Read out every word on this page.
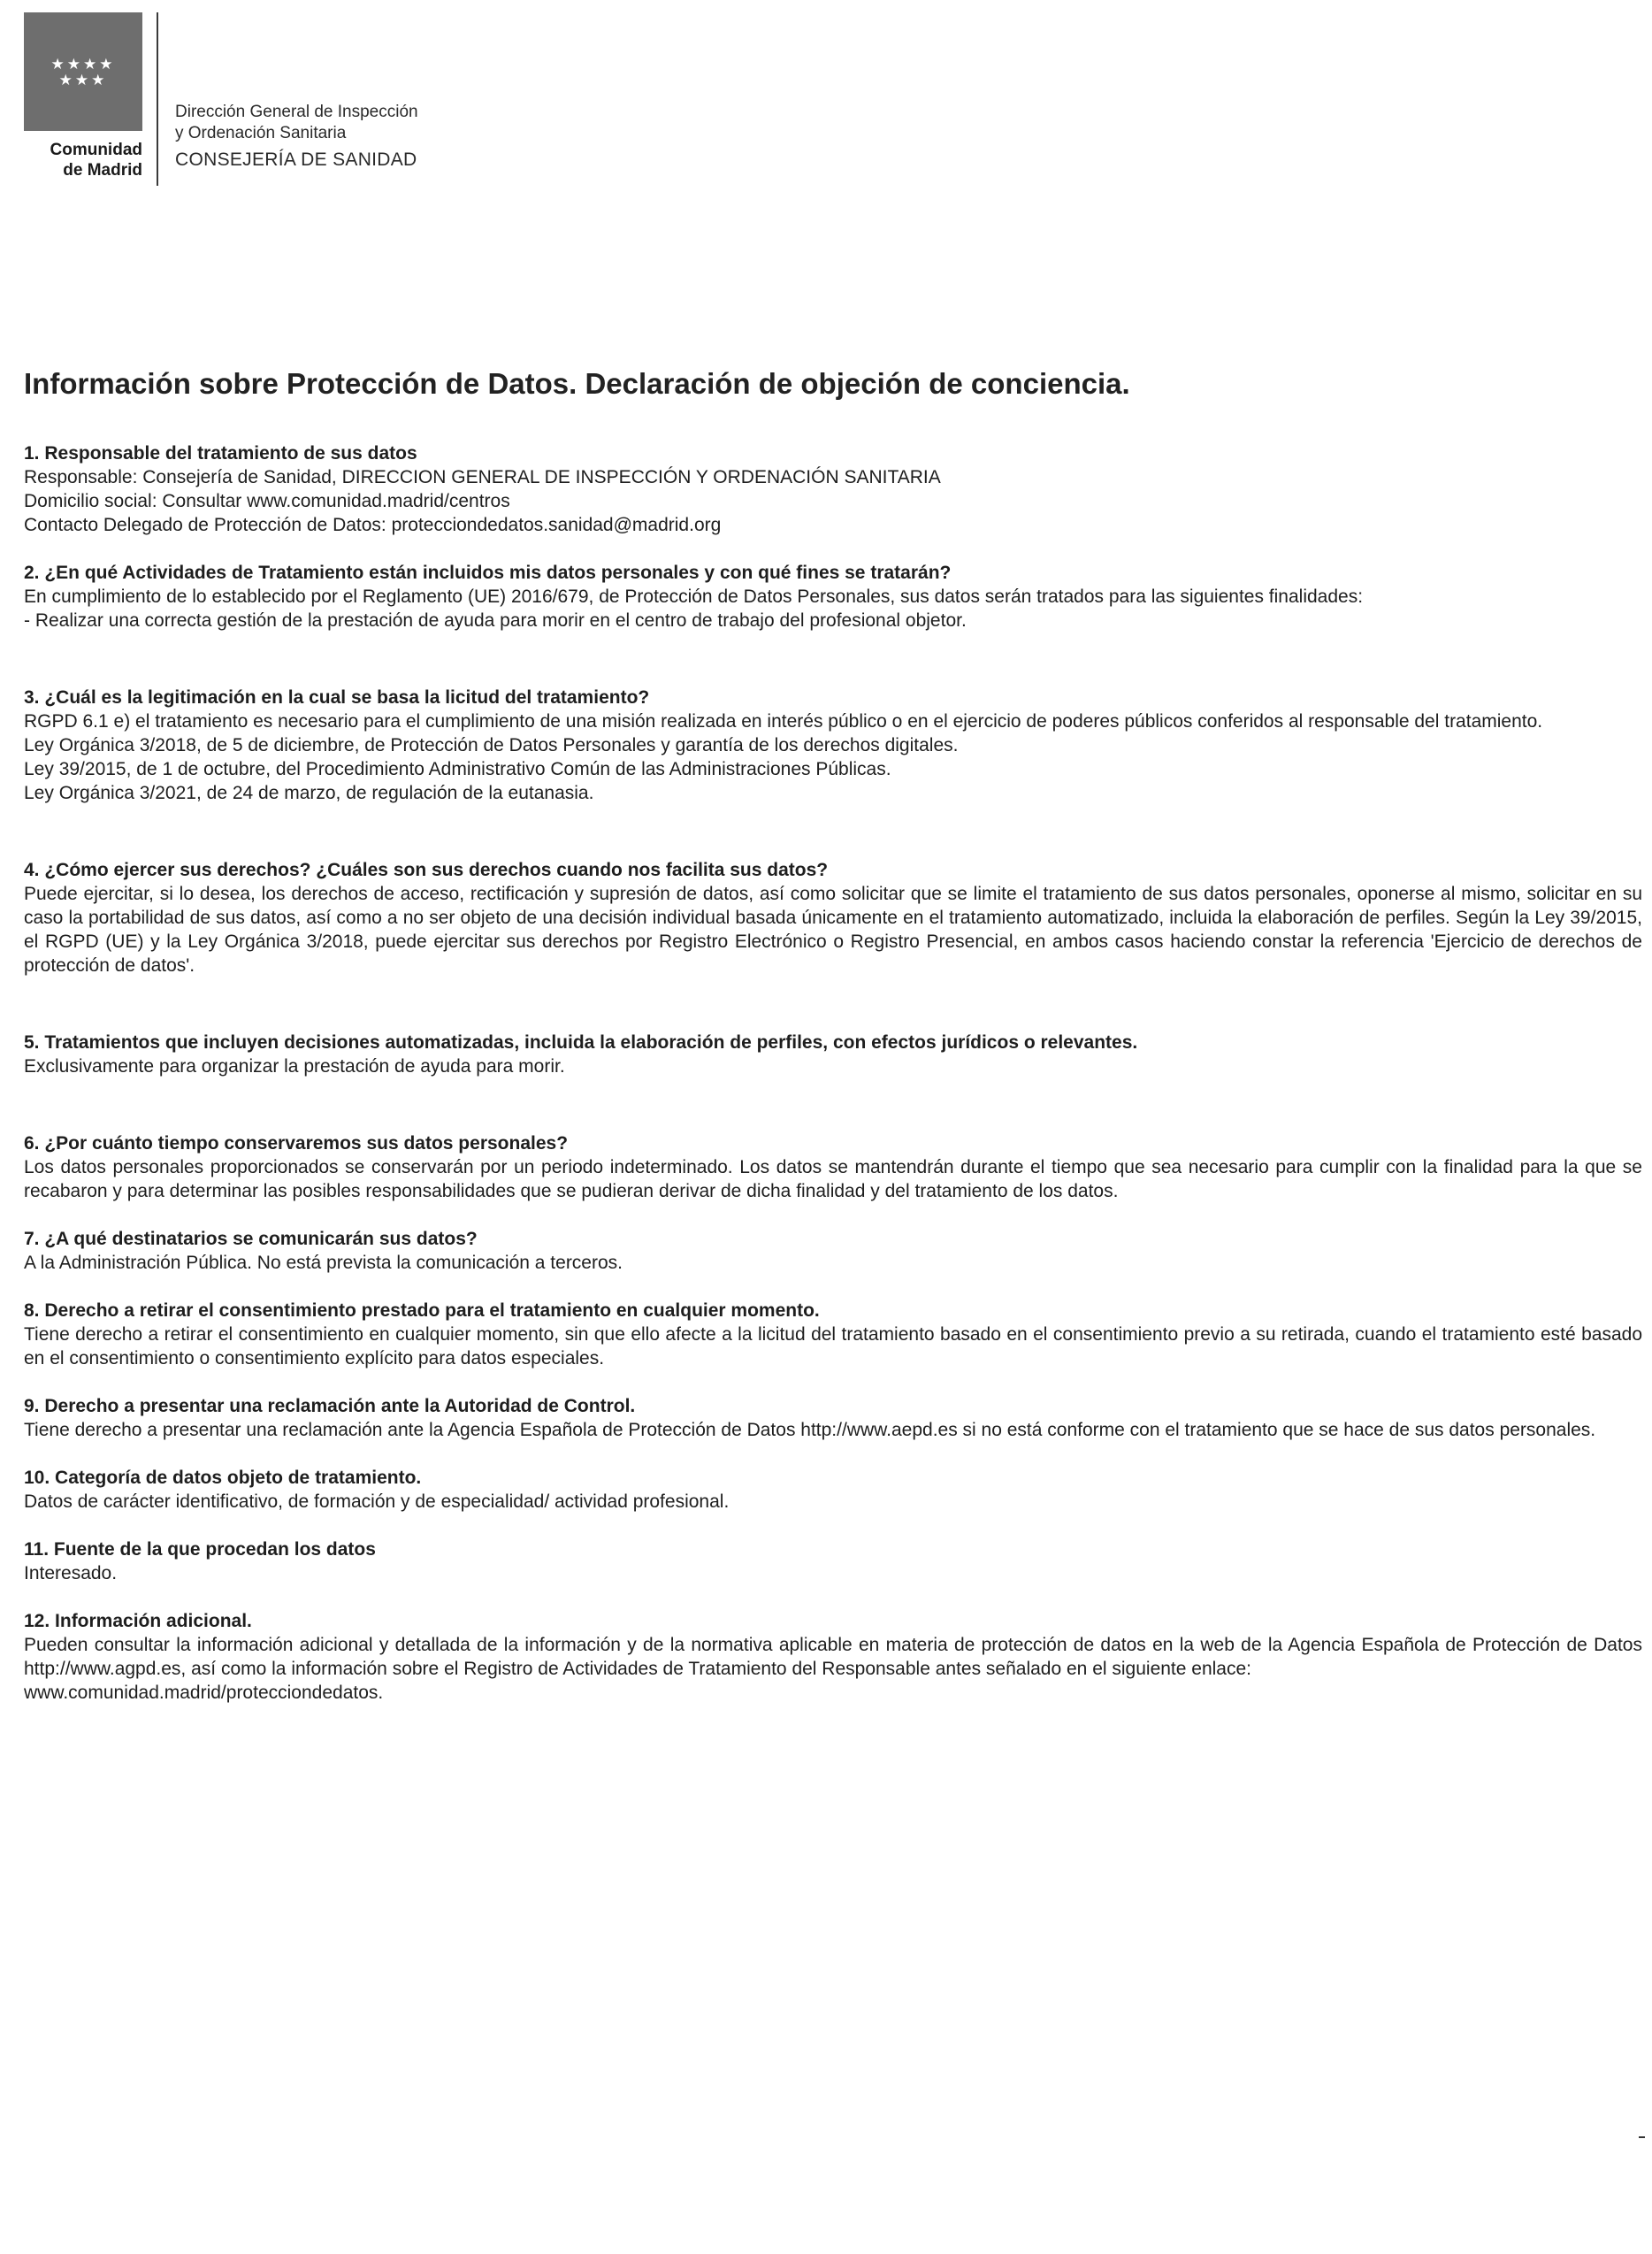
★★★★
★★★
Comunidad
de Madrid
Dirección General de Inspección
y Ordenación Sanitaria
CONSEJERÍA DE SANIDAD
Información sobre Protección de Datos. Declaración de objeción de conciencia.
1. Responsable del tratamiento de sus datos

Responsable: Consejería de Sanidad, DIRECCION GENERAL DE INSPECCIÓN Y ORDENACIÓN SANITARIA

Domicilio social: Consultar www.comunidad.madrid/centros

Contacto Delegado de Protección de Datos: protecciondedatos.sanidad@madrid.org

2. ¿En qué Actividades de Tratamiento están incluidos mis datos personales y con qué fines se tratarán?

En cumplimiento de lo establecido por el Reglamento (UE) 2016/679, de Protección de Datos Personales, sus datos serán tratados para las siguientes finalidades:

- Realizar una correcta gestión de la prestación de ayuda para morir en el centro de trabajo del profesional objetor.

3. ¿Cuál es la legitimación en la cual se basa la licitud del tratamiento?

RGPD 6.1 e) el tratamiento es necesario para el cumplimiento de una misión realizada en interés público o en el ejercicio de poderes públicos conferidos al responsable del tratamiento.

Ley Orgánica 3/2018, de 5 de diciembre, de Protección de Datos Personales y garantía de los derechos digitales.

Ley 39/2015, de 1 de octubre, del Procedimiento Administrativo Común de las Administraciones Públicas.

Ley Orgánica 3/2021, de 24 de marzo, de regulación de la eutanasia.

4. ¿Cómo ejercer sus derechos? ¿Cuáles son sus derechos cuando nos facilita sus datos?

Puede ejercitar, si lo desea, los derechos de acceso, rectificación y supresión de datos, así como solicitar que se limite el tratamiento de sus datos personales, oponerse al mismo, solicitar en su caso la portabilidad de sus datos, así como a no ser objeto de una decisión individual basada únicamente en el tratamiento automatizado, incluida la elaboración de perfiles. Según la Ley 39/2015, el RGPD (UE) y la Ley Orgánica 3/2018, puede ejercitar sus derechos por Registro Electrónico o Registro Presencial, en ambos casos haciendo constar la referencia 'Ejercicio de derechos de protección de datos'.

5. Tratamientos que incluyen decisiones automatizadas, incluida la elaboración de perfiles, con efectos jurídicos o relevantes.

Exclusivamente para organizar la prestación de ayuda para morir.

6. ¿Por cuánto tiempo conservaremos sus datos personales?

Los datos personales proporcionados se conservarán por un periodo indeterminado. Los datos se mantendrán durante el tiempo que sea necesario para cumplir con la finalidad para la que se recabaron y para determinar las posibles responsabilidades que se pudieran derivar de dicha finalidad y del tratamiento de los datos.

7. ¿A qué destinatarios se comunicarán sus datos?

A la Administración Pública. No está prevista la comunicación a terceros.

8. Derecho a retirar el consentimiento prestado para el tratamiento en cualquier momento.

Tiene derecho a retirar el consentimiento en cualquier momento, sin que ello afecte a la licitud del tratamiento basado en el consentimiento previo a su retirada, cuando el tratamiento esté basado en el consentimiento o consentimiento explícito para datos especiales.

9. Derecho a presentar una reclamación ante la Autoridad de Control.

Tiene derecho a presentar una reclamación ante la Agencia Española de Protección de Datos http://www.aepd.es si no está conforme con el tratamiento que se hace de sus datos personales.

10. Categoría de datos objeto de tratamiento.

Datos de carácter identificativo, de formación y de especialidad/ actividad profesional.

11. Fuente de la que procedan los datos

Interesado.

12. Información adicional.

Pueden consultar la información adicional y detallada de la información y de la normativa aplicable en materia de protección de datos en la web de la Agencia Española de Protección de Datos http://www.agpd.es, así como la información sobre el Registro de Actividades de Tratamiento del Responsable antes señalado en el siguiente enlace:

www.comunidad.madrid/protecciondedatos.
